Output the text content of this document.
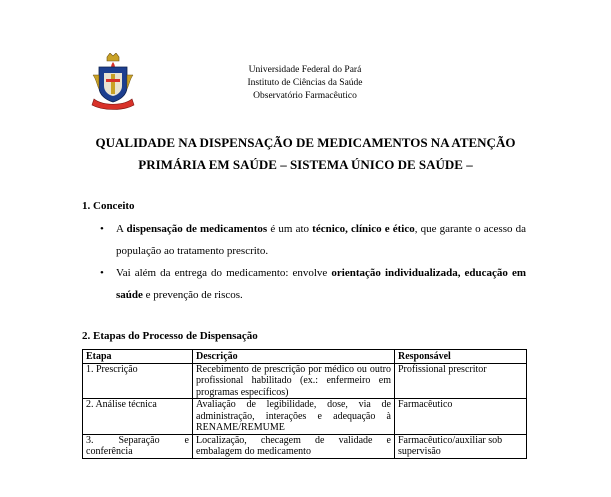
Universidade Federal do Pará
Instituto de Ciências da Saúde
Observatório Farmacêutico
QUALIDADE NA DISPENSAÇÃO DE MEDICAMENTOS NA ATENÇÃO
PRIMÁRIA EM SAÚDE – SISTEMA ÚNICO DE SAÚDE –
1. Conceito
• A dispensação de medicamentos é um ato técnico, clínico e ético, que garante o acesso da população ao tratamento prescrito.
• Vai além da entrega do medicamento: envolve orientação individualizada, educação em saúde e prevenção de riscos.
2. Etapas do Processo de Dispensação
Etapa	Descrição	Responsável
1. Prescrição	Recebimento de prescrição por médico ou outro profissional habilitado (ex.: enfermeiro em programas específicos)	Profissional prescritor
2. Análise técnica	Avaliação de legibilidade, dose, via de administração, interações e adequação à RENAME/REMUME	Farmacêutico
3. Separação e conferência	Localização, checagem de validade e embalagem do medicamento	Farmacêutico/auxiliar sob supervisão
